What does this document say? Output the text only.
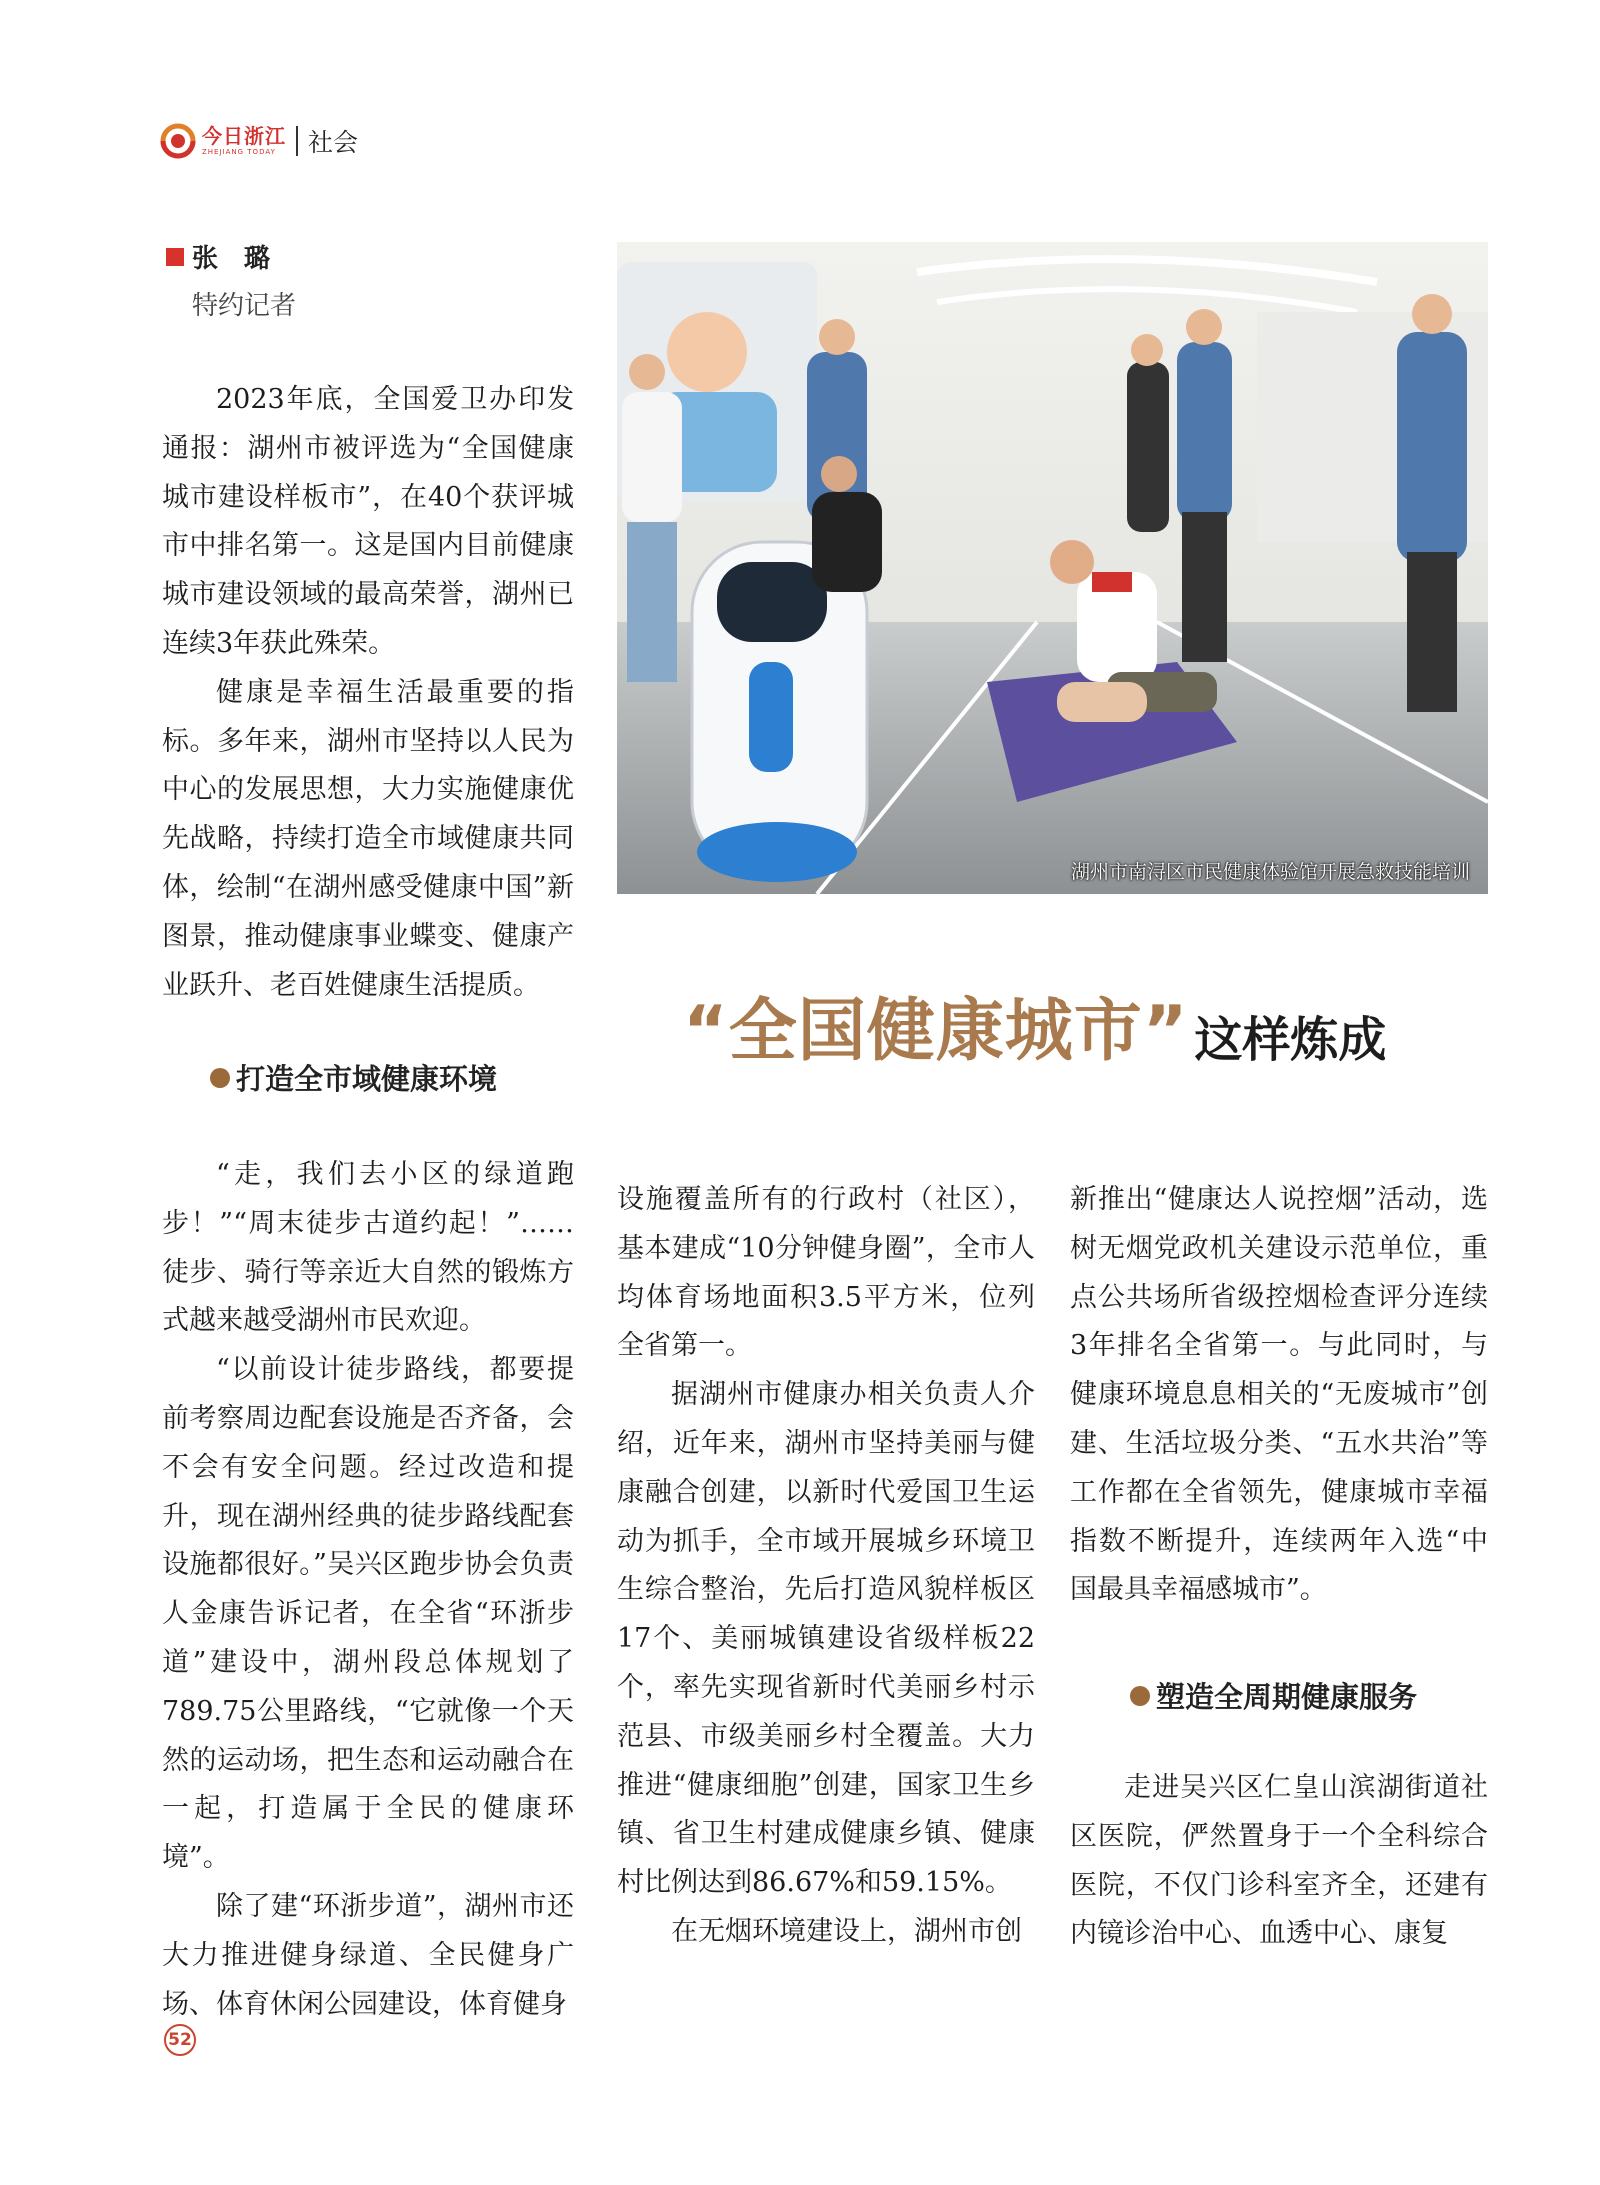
今日浙江
ZHEJIANG TODAY	社会
张璐
特约记者

2023年底，全国爱卫办印发通报：湖州市被评选为“全国健康城市建设样板市”，在40个获评城市中排名第一。这是国内目前健康城市建设领域的最高荣誉，湖州已连续3年获此殊荣。

健康是幸福生活最重要的指标。多年来，湖州市坚持以人民为中心的发展思想，大力实施健康优先战略，持续打造全市域健康共同体，绘制“在湖州感受健康中国”新图景，推动健康事业蝶变、健康产业跃升、老百姓健康生活提质。

打造全市域健康环境

“走，我们去小区的绿道跑步！”“周末徒步古道约起！”……徒步、骑行等亲近大自然的锻炼方式越来越受湖州市民欢迎。

“以前设计徒步路线，都要提前考察周边配套设施是否齐备，会不会有安全问题。经过改造和提升，现在湖州经典的徒步路线配套设施都很好。”吴兴区跑步协会负责人金康告诉记者，在全省“环浙步道”建设中，湖州段总体规划了789.75公里路线，“它就像一个天然的运动场，把生态和运动融合在一起，打造属于全民的健康环境”。

除了建“环浙步道”，湖州市还大力推进健身绿道、全民健身广场、体育休闲公园建设，体育健身

湖州市南浔区市民健康体验馆开展急救技能培训
“全国健康城市” 这样炼成

设施覆盖所有的行政村（社区），基本建成“10分钟健身圈”，全市人均体育场地面积3.5平方米，位列全省第一。

据湖州市健康办相关负责人介绍，近年来，湖州市坚持美丽与健康融合创建，以新时代爱国卫生运动为抓手，全市域开展城乡环境卫生综合整治，先后打造风貌样板区17个、美丽城镇建设省级样板22个，率先实现省新时代美丽乡村示范县、市级美丽乡村全覆盖。大力推进“健康细胞”创建，国家卫生乡镇、省卫生村建成健康乡镇、健康村比例达到86.67%和59.15%。

在无烟环境建设上，湖州市创

新推出“健康达人说控烟”活动，选树无烟党政机关建设示范单位，重点公共场所省级控烟检查评分连续3年排名全省第一。与此同时，与健康环境息息相关的“无废城市”创建、生活垃圾分类、“五水共治”等工作都在全省领先，健康城市幸福指数不断提升，连续两年入选“中国最具幸福感城市”。

塑造全周期健康服务

走进吴兴区仁皇山滨湖街道社区医院，俨然置身于一个全科综合医院，不仅门诊科室齐全，还建有内镜诊治中心、血透中心、康复

52
